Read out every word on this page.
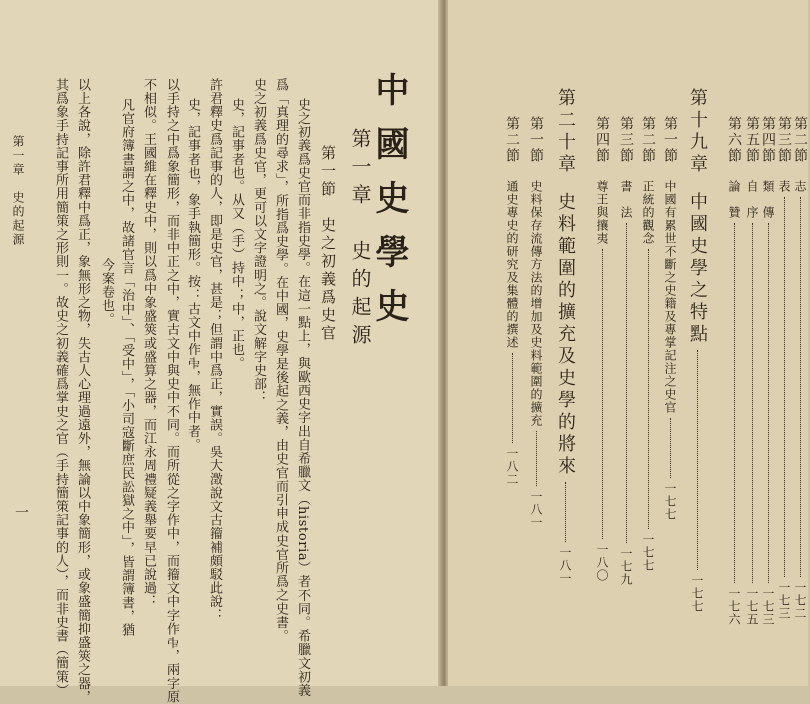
第一章　史的起源
一 其爲象手持記事所用簡策之形則一。故史之初義確爲掌史之官（手持簡策記事的人），而非史書（簡策） 以上各說，除許君釋中爲正，象無形之物，失古人心理過遠外，無論以中象簡形，或象盛簡抑盛筴之器， 今案卷也。 凡官府簿書謂之中，故諸官言「治中」、「受中」，「小司寇斷庶民訟獄之中」，皆謂簿書，猶 不相似。王國維在釋史中，則以爲中象盛筴或盛算之器，而江永周禮疑義舉要早已說過： 以手持之中爲象簡形，而非中正之中，實古文中與史中不同。而所從之字作中，而籀文中字作𠁩，兩字原 史，記事者也，象手執簡形。按：古文中作𠁩，無作中者。 許君釋史爲記事的人，即是史官，甚是；但謂中爲正，實誤。吳大澂說文古籀補頗駁此說： 史，記事者也。从又（手）持中；中，正也。 史之初義爲史官，更可以文字證明之。說文解字史部： 爲「真理的尋求」，所指爲史學。在中國，史學是後起之義，由史官而引申成史官所爲之史書。 史之初義爲史官而非指史學。在這一點上，與歐西史字出自希臘文（historia）者不同。希臘文初義 第一節　史之初義爲史官 第一章　史的起源
中國史學史	第二節　通史專史的研究及集體的撰述一八二
第一節　史料保存流傳方法的增加及史料範圍的擴充一八一
第二十章　史料範圍的擴充及史學的將來一八一
第四節　尊王與攘夷一八〇
第三節　書　法一七九
第二節　正統的觀念一七七
第一節　中國有累世不斷之史籍及專掌記注之史官一七七
第十九章　中國史學之特點一七七
第六節　論　贊一七六
第五節　自　序一七五
第四節　類　傳一七三
第三節　表一七三
第二節　志一七二
